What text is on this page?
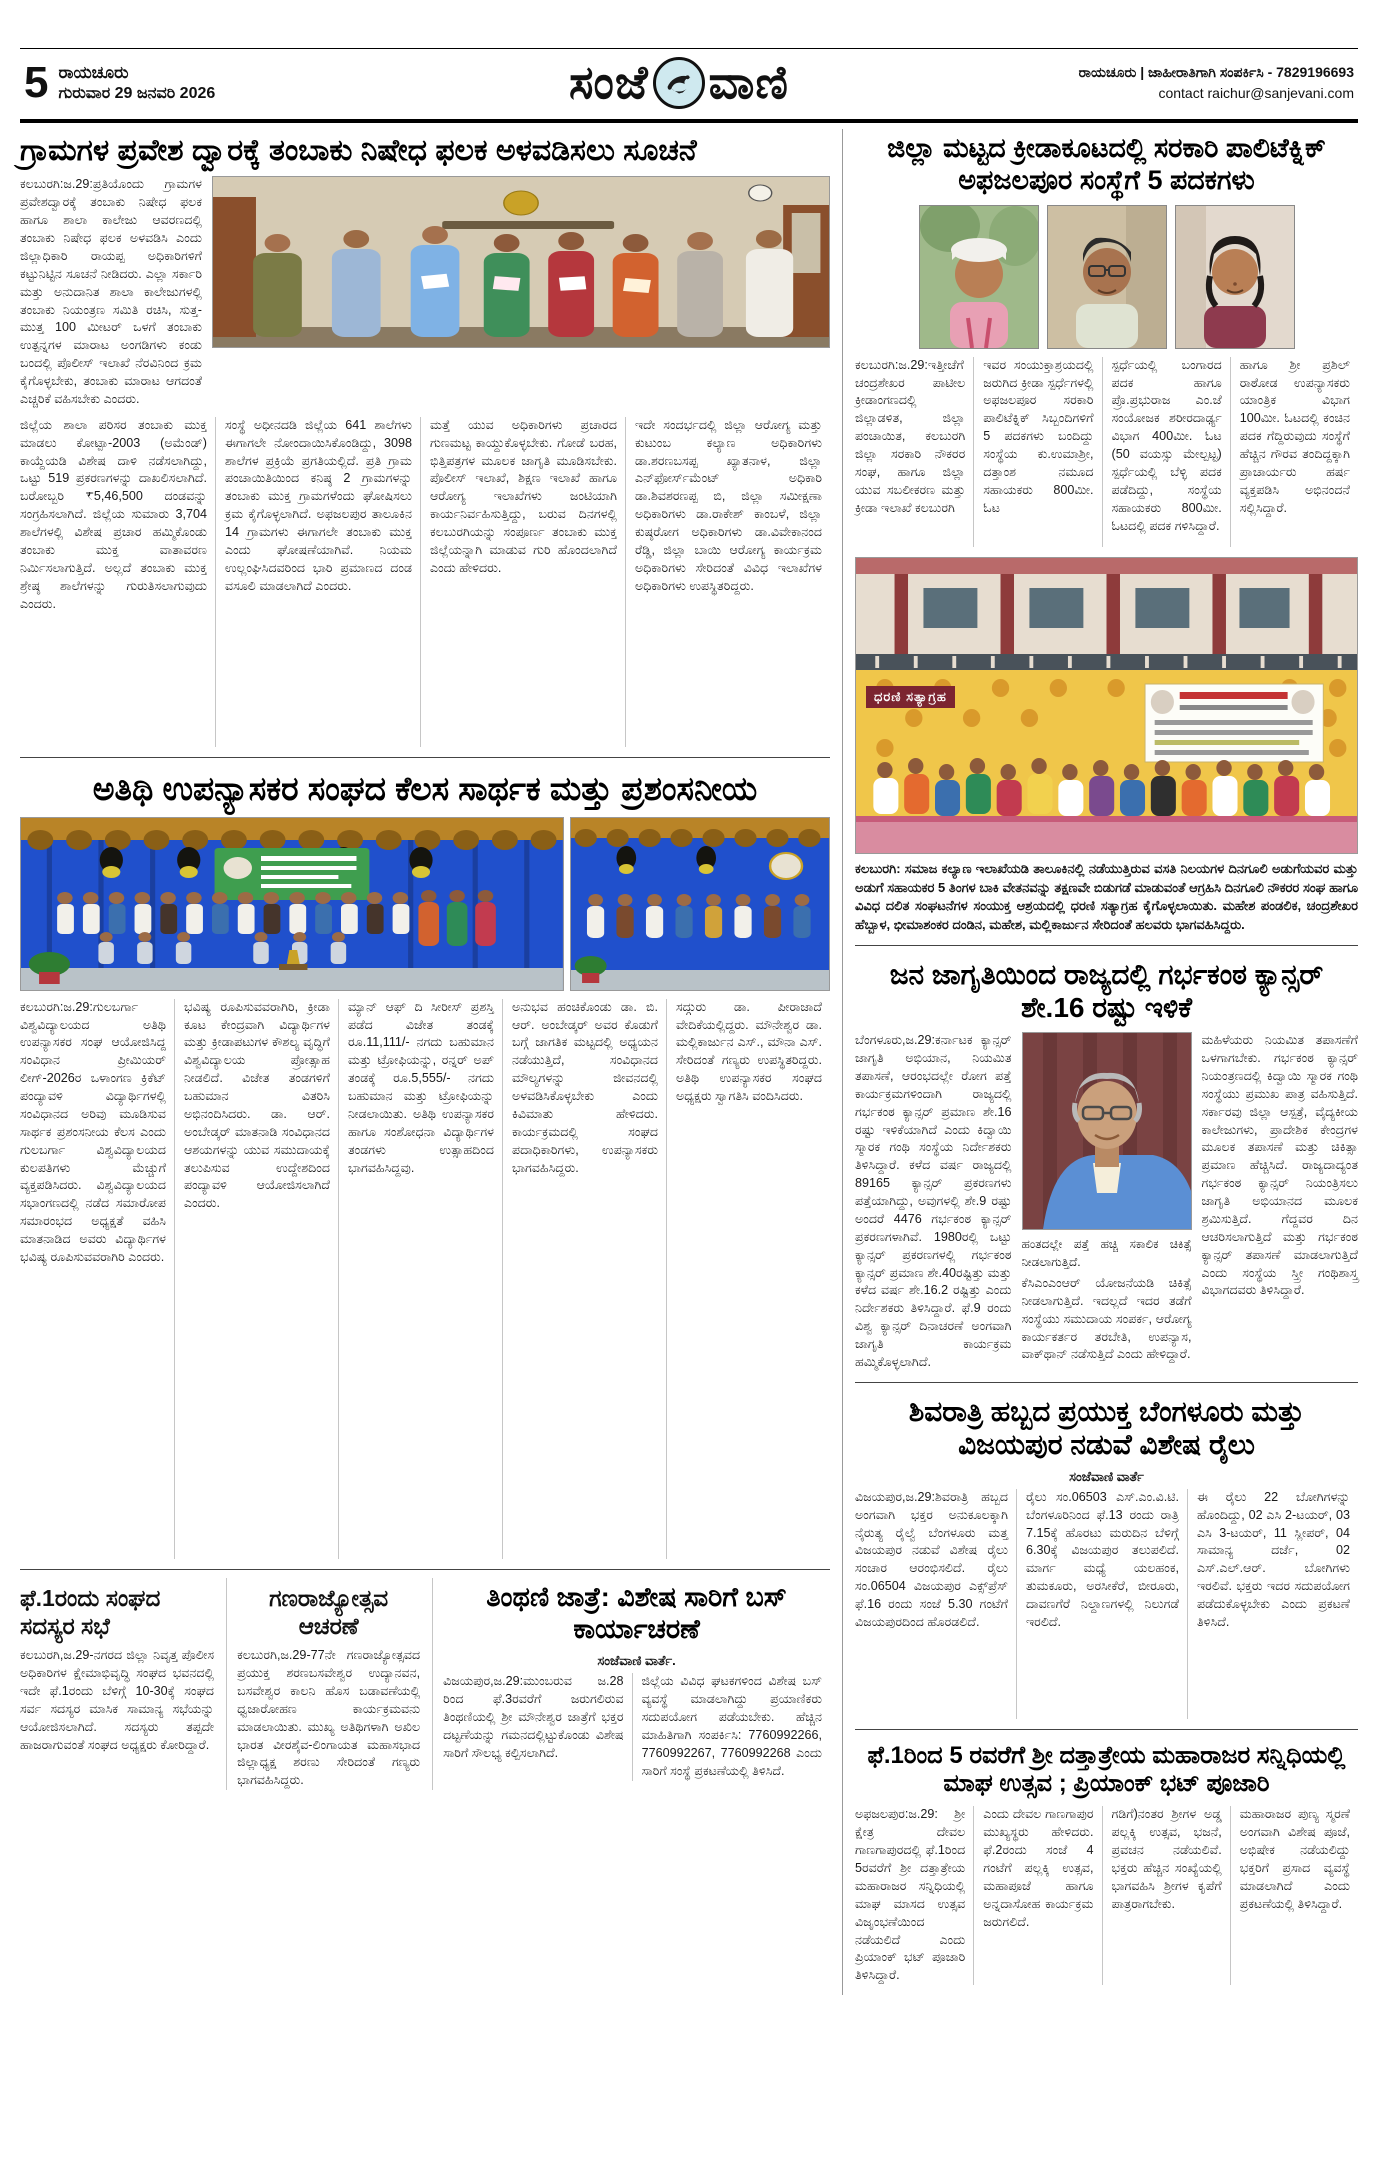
5 ರಾಯಚೂರು
ಗುರುವಾರ 29 ಜನವರಿ 2026	ಸಂಜೆ ವಾಣಿ	ರಾಯಚೂರು | ಜಾಹೀರಾತಿಗಾಗಿ ಸಂಪರ್ಕಿಸಿ - 7829196693
contact raichur@sanjevani.com
ಗ್ರಾಮಗಳ ಪ್ರವೇಶ ದ್ವಾರಕ್ಕೆ ತಂಬಾಕು ನಿಷೇಧ ಫಲಕ ಅಳವಡಿಸಲು ಸೂಚನೆ
ಕಲಬುರಗಿ:ಜ.29:ಪ್ರತಿಯೊಂದು ಗ್ರಾಮಗಳ ಪ್ರವೇಶದ್ವಾರಕ್ಕೆ ತಂಬಾಕು ನಿಷೇಧ ಫಲಕ ಹಾಗೂ ಶಾಲಾ ಕಾಲೇಜು ಆವರಣದಲ್ಲಿ ತಂಬಾಕು ನಿಷೇಧ ಫಲಕ ಅಳವಡಿಸಿ ಎಂದು ಜಿಲ್ಲಾಧಿಕಾರಿ ರಾಯಪ್ಪ ಅಧಿಕಾರಿಗಳಿಗೆ ಕಟ್ಟುನಿಟ್ಟಿನ ಸೂಚನೆ ನೀಡಿದರು. ಎಲ್ಲಾ ಸರ್ಕಾರಿ ಮತ್ತು ಅನುದಾನಿತ ಶಾಲಾ ಕಾಲೇಜುಗಳಲ್ಲಿ ತಂಬಾಕು ನಿಯಂತ್ರಣ ಸಮಿತಿ ರಚಿಸಿ, ಸುತ್ತ-ಮುತ್ತ 100 ಮೀಟರ್ ಒಳಗೆ ತಂಬಾಕು ಉತ್ಪನ್ನಗಳ ಮಾರಾಟ ಅಂಗಡಿಗಳು ಕಂಡು ಬಂದಲ್ಲಿ ಪೊಲೀಸ್ ಇಲಾಖೆ ನೆರವಿನಿಂದ ಕ್ರಮ ಕೈಗೊಳ್ಳಬೇಕು, ತಂಬಾಕು ಮಾರಾಟ ಆಗದಂತೆ ಎಚ್ಚರಿಕೆ ವಹಿಸಬೇಕು ಎಂದರು.
ಜಿಲ್ಲೆಯ ಶಾಲಾ ಪರಿಸರ ತಂಬಾಕು ಮುಕ್ತ ಮಾಡಲು ಕೋಟ್ಪಾ-2003 (ಅಮೆಂಡ್) ಕಾಯ್ದೆಯಡಿ ವಿಶೇಷ ದಾಳಿ ನಡೆಸಲಾಗಿದ್ದು, ಒಟ್ಟು 519 ಪ್ರಕರಣಗಳನ್ನು ದಾಖಲಿಸಲಾಗಿದೆ. ಬರೋಬ್ಬರಿ ₹5,46,500 ದಂಡವನ್ನು ಸಂಗ್ರಹಿಸಲಾಗಿದೆ. ಜಿಲ್ಲೆಯ ಸುಮಾರು 3,704 ಶಾಲೆಗಳಲ್ಲಿ ವಿಶೇಷ ಪ್ರಚಾರ ಹಮ್ಮಿಕೊಂಡು ತಂಬಾಕು ಮುಕ್ತ ವಾತಾವರಣ ನಿರ್ಮಿಸಲಾಗುತ್ತಿದೆ. ಅಲ್ಲದೆ ತಂಬಾಕು ಮುಕ್ತ ಶ್ರೇಷ್ಠ ಶಾಲೆಗಳನ್ನು ಗುರುತಿಸಲಾಗುವುದು ಎಂದರು.
ಸಂಸ್ಥೆ ಅಧೀನದಡಿ ಜಿಲ್ಲೆಯ 641 ಶಾಲೆಗಳು ಈಗಾಗಲೇ ನೋಂದಾಯಿಸಿಕೊಂಡಿದ್ದು, 3098 ಶಾಲೆಗಳ ಪ್ರಕ್ರಿಯೆ ಪ್ರಗತಿಯಲ್ಲಿದೆ. ಪ್ರತಿ ಗ್ರಾಮ ಪಂಚಾಯಿತಿಯಿಂದ ಕನಿಷ್ಠ 2 ಗ್ರಾಮಗಳನ್ನು ತಂಬಾಕು ಮುಕ್ತ ಗ್ರಾಮಗಳೆಂದು ಘೋಷಿಸಲು ಕ್ರಮ ಕೈಗೊಳ್ಳಲಾಗಿದೆ. ಅಫಜಲಪುರ ತಾಲೂಕಿನ 14 ಗ್ರಾಮಗಳು ಈಗಾಗಲೇ ತಂಬಾಕು ಮುಕ್ತ ಎಂದು ಘೋಷಣೆಯಾಗಿವೆ. ನಿಯಮ ಉಲ್ಲಂಘಿಸಿದವರಿಂದ ಭಾರಿ ಪ್ರಮಾಣದ ದಂಡ ವಸೂಲಿ ಮಾಡಲಾಗಿದೆ ಎಂದರು.
ಮತ್ತೆ ಯುವ ಅಧಿಕಾರಿಗಳು ಪ್ರಚಾರದ ಗುಣಮಟ್ಟ ಕಾಯ್ದುಕೊಳ್ಳಬೇಕು. ಗೋಡೆ ಬರಹ, ಭಿತ್ತಿಪತ್ರಗಳ ಮೂಲಕ ಜಾಗೃತಿ ಮೂಡಿಸಬೇಕು. ಪೊಲೀಸ್ ಇಲಾಖೆ, ಶಿಕ್ಷಣ ಇಲಾಖೆ ಹಾಗೂ ಆರೋಗ್ಯ ಇಲಾಖೆಗಳು ಜಂಟಿಯಾಗಿ ಕಾರ್ಯನಿರ್ವಹಿಸುತ್ತಿದ್ದು, ಬರುವ ದಿನಗಳಲ್ಲಿ ಕಲಬುರಗಿಯನ್ನು ಸಂಪೂರ್ಣ ತಂಬಾಕು ಮುಕ್ತ ಜಿಲ್ಲೆಯನ್ನಾಗಿ ಮಾಡುವ ಗುರಿ ಹೊಂದಲಾಗಿದೆ ಎಂದು ಹೇಳಿದರು.
ಇದೇ ಸಂದರ್ಭದಲ್ಲಿ ಜಿಲ್ಲಾ ಆರೋಗ್ಯ ಮತ್ತು ಕುಟುಂಬ ಕಲ್ಯಾಣ ಅಧಿಕಾರಿಗಳು ಡಾ.ಶರಣಬಸಪ್ಪ ಖ್ಯಾತನಾಳ, ಜಿಲ್ಲಾ ಎನ್‌ಫೋರ್ಸ್‌ಮೆಂಟ್ ಅಧಿಕಾರಿ ಡಾ.ಶಿವಶರಣಪ್ಪ ಬಿ, ಜಿಲ್ಲಾ ಸಮೀಕ್ಷಣಾ ಅಧಿಕಾರಿಗಳು ಡಾ.ರಾಕೇಶ್ ಕಾಂಬಳೆ, ಜಿಲ್ಲಾ ಕುಷ್ಠರೋಗ ಅಧಿಕಾರಿಗಳು ಡಾ.ವಿವೇಕಾನಂದ ರೆಡ್ಡಿ, ಜಿಲ್ಲಾ ಬಾಯಿ ಆರೋಗ್ಯ ಕಾರ್ಯಕ್ರಮ ಅಧಿಕಾರಿಗಳು ಸೇರಿದಂತೆ ವಿವಿಧ ಇಲಾಖೆಗಳ ಅಧಿಕಾರಿಗಳು ಉಪಸ್ಥಿತರಿದ್ದರು.
ಅತಿಥಿ ಉಪನ್ಯಾಸಕರ ಸಂಘದ ಕೆಲಸ ಸಾರ್ಥಕ ಮತ್ತು ಪ್ರಶಂಸನೀಯ
ಕಲಬುರಗಿ:ಜ.29:ಗುಲಬರ್ಗಾ ವಿಶ್ವವಿದ್ಯಾಲಯದ ಅತಿಥಿ ಉಪನ್ಯಾಸಕರ ಸಂಘ ಆಯೋಜಿಸಿದ್ದ ಸಂವಿಧಾನ ಪ್ರೀಮಿಯರ್ ಲೀಗ್-2026ರ ಒಳಾಂಗಣ ಕ್ರಿಕೆಟ್ ಪಂದ್ಯಾವಳಿ ವಿದ್ಯಾರ್ಥಿಗಳಲ್ಲಿ ಸಂವಿಧಾನದ ಅರಿವು ಮೂಡಿಸುವ ಸಾರ್ಥಕ ಪ್ರಶಂಸನೀಯ ಕೆಲಸ ಎಂದು ಗುಲಬರ್ಗಾ ವಿಶ್ವವಿದ್ಯಾಲಯದ ಕುಲಪತಿಗಳು ಮೆಚ್ಚುಗೆ ವ್ಯಕ್ತಪಡಿಸಿದರು. ವಿಶ್ವವಿದ್ಯಾಲಯದ ಸಭಾಂಗಣದಲ್ಲಿ ನಡೆದ ಸಮಾರೋಪ ಸಮಾರಂಭದ ಅಧ್ಯಕ್ಷತೆ ವಹಿಸಿ ಮಾತನಾಡಿದ ಅವರು ವಿದ್ಯಾರ್ಥಿಗಳ ಭವಿಷ್ಯ ರೂಪಿಸುವವರಾಗಿರಿ ಎಂದರು.
ಭವಿಷ್ಯ ರೂಪಿಸುವವರಾಗಿರಿ, ಕ್ರೀಡಾ ಕೂಟ ಕೇಂದ್ರವಾಗಿ ವಿದ್ಯಾರ್ಥಿಗಳ ಮತ್ತು ಕ್ರೀಡಾಪಟುಗಳ ಕೌಶಲ್ಯ ವೃದ್ಧಿಗೆ ವಿಶ್ವವಿದ್ಯಾಲಯ ಪ್ರೋತ್ಸಾಹ ನೀಡಲಿದೆ. ವಿಜೇತ ತಂಡಗಳಿಗೆ ಬಹುಮಾನ ವಿತರಿಸಿ ಅಭಿನಂದಿಸಿದರು. ಡಾ. ಆರ್. ಅಂಬೇಡ್ಕರ್ ಮಾತನಾಡಿ ಸಂವಿಧಾನದ ಆಶಯಗಳನ್ನು ಯುವ ಸಮುದಾಯಕ್ಕೆ ತಲುಪಿಸುವ ಉದ್ದೇಶದಿಂದ ಪಂದ್ಯಾವಳಿ ಆಯೋಜಿಸಲಾಗಿದೆ ಎಂದರು.
ಮ್ಯಾನ್ ಆಫ್ ದಿ ಸೀರೀಸ್ ಪ್ರಶಸ್ತಿ ಪಡೆದ ವಿಜೇತ ತಂಡಕ್ಕೆ ರೂ.11,111/- ನಗದು ಬಹುಮಾನ ಮತ್ತು ಟ್ರೋಫಿಯನ್ನು, ರನ್ನರ್ ಅಪ್ ತಂಡಕ್ಕೆ ರೂ.5,555/- ನಗದು ಬಹುಮಾನ ಮತ್ತು ಟ್ರೋಫಿಯನ್ನು ನೀಡಲಾಯಿತು. ಅತಿಥಿ ಉಪನ್ಯಾಸಕರ ಹಾಗೂ ಸಂಶೋಧನಾ ವಿದ್ಯಾರ್ಥಿಗಳ ತಂಡಗಳು ಉತ್ಸಾಹದಿಂದ ಭಾಗವಹಿಸಿದ್ದವು.
ಅನುಭವ ಹಂಚಿಕೊಂಡು ಡಾ. ಬಿ. ಆರ್. ಅಂಬೇಡ್ಕರ್ ಅವರ ಕೊಡುಗೆ ಬಗ್ಗೆ ಜಾಗತಿಕ ಮಟ್ಟದಲ್ಲಿ ಅಧ್ಯಯನ ನಡೆಯುತ್ತಿದೆ, ಸಂವಿಧಾನದ ಮೌಲ್ಯಗಳನ್ನು ಜೀವನದಲ್ಲಿ ಅಳವಡಿಸಿಕೊಳ್ಳಬೇಕು ಎಂದು ಕಿವಿಮಾತು ಹೇಳಿದರು. ಕಾರ್ಯಕ್ರಮದಲ್ಲಿ ಸಂಘದ ಪದಾಧಿಕಾರಿಗಳು, ಉಪನ್ಯಾಸಕರು ಭಾಗವಹಿಸಿದ್ದರು.
ಸದ್ಗುರು ಡಾ. ಪೀರಾಜಾದೆ ವೇದಿಕೆಯಲ್ಲಿದ್ದರು. ಮೌನೇಶ್ವರ ಡಾ. ಮಲ್ಲಿಕಾರ್ಜುನ ಎಸ್., ಮೌನಾ ಎಸ್. ಸೇರಿದಂತೆ ಗಣ್ಯರು ಉಪಸ್ಥಿತರಿದ್ದರು. ಅತಿಥಿ ಉಪನ್ಯಾಸಕರ ಸಂಘದ ಅಧ್ಯಕ್ಷರು ಸ್ವಾಗತಿಸಿ ವಂದಿಸಿದರು.
ಫೆ.1ರಂದು ಸಂಘದ ಸದಸ್ಯರ ಸಭೆ
ಕಲಬುರಗಿ,ಜ.29-ನಗರದ ಜಿಲ್ಲಾ ನಿವೃತ್ತ ಪೊಲೀಸ ಅಧಿಕಾರಿಗಳ ಕ್ಷೇಮಾಭಿವೃದ್ಧಿ ಸಂಘದ ಭವನದಲ್ಲಿ ಇದೇ ಫೆ.1ರಂದು ಬೆಳಿಗ್ಗೆ 10-30ಕ್ಕೆ ಸಂಘದ ಸರ್ವ ಸದಸ್ಯರ ಮಾಸಿಕ ಸಾಮಾನ್ಯ ಸಭೆಯನ್ನು ಆಯೋಜಿಸಲಾಗಿದೆ. ಸದಸ್ಯರು ತಪ್ಪದೇ ಹಾಜರಾಗುವಂತೆ ಸಂಘದ ಅಧ್ಯಕ್ಷರು ಕೋರಿದ್ದಾರೆ.
ಗಣರಾಜ್ಯೋತ್ಸವ ಆಚರಣೆ
ಕಲಬುರಗಿ,ಜ.29-77ನೇ ಗಣರಾಜ್ಯೋತ್ಸವದ ಪ್ರಯುಕ್ತ ಶರಣಬಸವೇಶ್ವರ ಉದ್ಯಾನವನ, ಬಸವೇಶ್ವರ ಕಾಲನಿ ಹೊಸ ಬಡಾವಣೆಯಲ್ಲಿ ಧ್ವಜಾರೋಹಣ ಕಾರ್ಯಕ್ರಮವನು ಮಾಡಲಾಯಿತು. ಮುಖ್ಯ ಅತಿಥಿಗಳಾಗಿ ಅಖಿಲ ಭಾರತ ವೀರಶೈವ-ಲಿಂಗಾಯತ ಮಹಾಸಭಾದ ಜಿಲ್ಲಾಧ್ಯಕ್ಷ ಶರಣು ಸೇರಿದಂತೆ ಗಣ್ಯರು ಭಾಗವಹಿಸಿದ್ದರು.
ತಿಂಥಣಿ ಜಾತ್ರೆ: ವಿಶೇಷ ಸಾರಿಗೆ ಬಸ್ ಕಾರ್ಯಾಚರಣೆ
ಸಂಜೆವಾಣಿ ವಾರ್ತೆ.
ವಿಜಯಪುರ,ಜ.29:ಮುಂಬರುವ ಜ.28 ರಿಂದ ಫೆ.3ರವರೆಗೆ ಜರುಗಲಿರುವ ತಿಂಥಣಿಯಲ್ಲಿ ಶ್ರೀ ಮೌನೇಶ್ವರ ಜಾತ್ರೆಗೆ ಭಕ್ತರ ದಟ್ಟಣೆಯನ್ನು ಗಮನದಲ್ಲಿಟ್ಟುಕೊಂಡು ವಿಶೇಷ ಸಾರಿಗೆ ಸೌಲಭ್ಯ ಕಲ್ಪಿಸಲಾಗಿದೆ.
ಜಿಲ್ಲೆಯ ವಿವಿಧ ಘಟಕಗಳಿಂದ ವಿಶೇಷ ಬಸ್ ವ್ಯವಸ್ಥೆ ಮಾಡಲಾಗಿದ್ದು ಪ್ರಯಾಣಿಕರು ಸದುಪಯೋಗ ಪಡೆಯಬೇಕು. ಹೆಚ್ಚಿನ ಮಾಹಿತಿಗಾಗಿ ಸಂಪರ್ಕಿಸಿ: 7760992266, 7760992267, 7760992268 ಎಂದು ಸಾರಿಗೆ ಸಂಸ್ಥೆ ಪ್ರಕಟಣೆಯಲ್ಲಿ ತಿಳಿಸಿದೆ.
ಜಿಲ್ಲಾ ಮಟ್ಟದ ಕ್ರೀಡಾಕೂಟದಲ್ಲಿ ಸರಕಾರಿ ಪಾಲಿಟೆಕ್ನಿಕ್ ಅಫಜಲಪೂರ ಸಂಸ್ಥೆಗೆ 5 ಪದಕಗಳು
ಕಲಬುರಗಿ:ಜ.29:ಇತ್ತೀಚೆಗೆ ಚಂದ್ರಶೇಖರ ಪಾಟೀಲ ಕ್ರೀಡಾಂಗಣದಲ್ಲಿ ಜಿಲ್ಲಾಡಳಿತ, ಜಿಲ್ಲಾ ಪಂಚಾಯಿತ, ಕಲಬುರಗಿ ಜಿಲ್ಲಾ ಸರಕಾರಿ ನೌಕರರ ಸಂಘ, ಹಾಗೂ ಜಿಲ್ಲಾ ಯುವ ಸಬಲೀಕರಣ ಮತ್ತು ಕ್ರೀಡಾ ಇಲಾಖೆ ಕಲಬುರಗಿ
ಇವರ ಸಂಯುಕ್ತಾಶ್ರಯದಲ್ಲಿ ಜರುಗಿದ ಕ್ರೀಡಾ ಸ್ಪರ್ಧೆಗಳಲ್ಲಿ ಅಫಜಲಪೂರ ಸರಕಾರಿ ಪಾಲಿಟೆಕ್ನಿಕ್ ಸಿಬ್ಬಂದಿಗಳಿಗೆ 5 ಪದಕಗಳು ಬಂದಿದ್ದು ಸಂಸ್ಥೆಯ ಕು.ಉಮಾಶ್ರೀ, ದತ್ತಾಂಶ ನಮೂದ ಸಹಾಯಕರು 800ಮೀ. ಓಟ
ಸ್ಪರ್ಧೆಯಲ್ಲಿ ಬಂಗಾರದ ಪದಕ ಹಾಗೂ ಪ್ರೊ.ಪ್ರಭುರಾಜ ಎಂ.ಜೆ ಸಂಯೋಜಕ ಶರೀರದಾರ್ಢ್ಯ ವಿಭಾಗ 400ಮೀ. ಓಟ (50 ವಯಸ್ಸು ಮೇಲ್ಪಟ್ಟ) ಸ್ಪರ್ಧೆಯಲ್ಲಿ ಬೆಳ್ಳಿ ಪದಕ ಪಡೆದಿದ್ದು, ಸಂಸ್ಥೆಯ ಸಹಾಯಕರು 800ಮೀ. ಓಟದಲ್ಲಿ ಪದಕ ಗಳಿಸಿದ್ದಾರೆ.
ಹಾಗೂ ಶ್ರೀ ಪ್ರಶಿಲ್ ರಾಠೋಡ ಉಪನ್ಯಾಸಕರು ಯಾಂತ್ರಿಕ ವಿಭಾಗ 100ಮೀ. ಓಟದಲ್ಲಿ ಕಂಚಿನ ಪದಕ ಗೆದ್ದಿರುವುದು ಸಂಸ್ಥೆಗೆ ಹೆಚ್ಚಿನ ಗೌರವ ತಂದಿದ್ದಕ್ಕಾಗಿ ಪ್ರಾಚಾರ್ಯರು ಹರ್ಷ ವ್ಯಕ್ತಪಡಿಸಿ ಅಭಿನಂದನೆ ಸಲ್ಲಿಸಿದ್ದಾರೆ.
ಧರಣಿ ಸತ್ಯಾಗ್ರಹ
ಕಲಬುರಗಿ: ಸಮಾಜ ಕಲ್ಯಾಣ ಇಲಾಖೆಯಡಿ ತಾಲೂಕಿನಲ್ಲಿ ನಡೆಯುತ್ತಿರುವ ವಸತಿ ನಿಲಯಗಳ ದಿನಗೂಲಿ ಅಡುಗೆಯವರ ಮತ್ತು ಅಡುಗೆ ಸಹಾಯಕರ 5 ತಿಂಗಳ ಬಾಕಿ ವೇತನವನ್ನು ತಕ್ಷಣವೇ ಬಿಡುಗಡೆ ಮಾಡುವಂತೆ ಆಗ್ರಹಿಸಿ ದಿನಗೂಲಿ ನೌಕರರ ಸಂಘ ಹಾಗೂ ವಿವಿಧ ದಲಿತ ಸಂಘಟನೆಗಳ ಸಂಯುಕ್ತ ಆಶ್ರಯದಲ್ಲಿ ಧರಣಿ ಸತ್ಯಾಗ್ರಹ ಕೈಗೊಳ್ಳಲಾಯಿತು. ಮಹೇಶ ಪಂಡಲಿಕ, ಚಂದ್ರಶೇಖರ ಹೆಬ್ಬಾಳ, ಭೀಮಾಶಂಕರ ದಂಡಿನ, ಮಹೇಶ, ಮಲ್ಲಿಕಾರ್ಜುನ ಸೇರಿದಂತೆ ಹಲವರು ಭಾಗವಹಿಸಿದ್ದರು.
ಜನ ಜಾಗೃತಿಯಿಂದ ರಾಜ್ಯದಲ್ಲಿ ಗರ್ಭಕಂಠ ಕ್ಯಾನ್ಸರ್ ಶೇ.16 ರಷ್ಟು ಇಳಿಕೆ
ಬೆಂಗಳೂರು,ಜ.29:ಕರ್ನಾಟಕ ಕ್ಯಾನ್ಸರ್ ಜಾಗೃತಿ ಅಭಿಯಾನ, ನಿಯಮಿತ ತಪಾಸಣೆ, ಆರಂಭದಲ್ಲೇ ರೋಗ ಪತ್ತೆ ಕಾರ್ಯಕ್ರಮಗಳಿಂದಾಗಿ ರಾಜ್ಯದಲ್ಲಿ ಗರ್ಭಕಂಠ ಕ್ಯಾನ್ಸರ್ ಪ್ರಮಾಣ ಶೇ.16 ರಷ್ಟು ಇಳಿಕೆಯಾಗಿದೆ ಎಂದು ಕಿದ್ವಾಯಿ ಸ್ಮಾರಕ ಗಂಥಿ ಸಂಸ್ಥೆಯ ನಿರ್ದೇಶಕರು ತಿಳಿಸಿದ್ದಾರೆ. ಕಳೆದ ವರ್ಷ ರಾಜ್ಯದಲ್ಲಿ 89165 ಕ್ಯಾನ್ಸರ್ ಪ್ರಕರಣಗಳು ಪತ್ತೆಯಾಗಿದ್ದು, ಅವುಗಳಲ್ಲಿ ಶೇ.9 ರಷ್ಟು ಅಂದರೆ 4476 ಗರ್ಭಕಂಠ ಕ್ಯಾನ್ಸರ್ ಪ್ರಕರಣಗಳಾಗಿವೆ. 1980ರಲ್ಲಿ ಒಟ್ಟು ಕ್ಯಾನ್ಸರ್ ಪ್ರಕರಣಗಳಲ್ಲಿ ಗರ್ಭಕಂಠ ಕ್ಯಾನ್ಸರ್ ಪ್ರಮಾಣ ಶೇ.40ರಷ್ಟಿತ್ತು ಮತ್ತು ಕಳೆದ ವರ್ಷ ಶೇ.16.2 ರಷ್ಟಿತ್ತು ಎಂದು ನಿರ್ದೇಶಕರು ತಿಳಿಸಿದ್ದಾರೆ. ಫೆ.9 ರಂದು ವಿಶ್ವ ಕ್ಯಾನ್ಸರ್ ದಿನಾಚರಣೆ ಅಂಗವಾಗಿ ಜಾಗೃತಿ ಕಾರ್ಯಕ್ರಮ ಹಮ್ಮಿಕೊಳ್ಳಲಾಗಿದೆ.
ಹಂತದಲ್ಲೇ ಪತ್ತೆ ಹಚ್ಚಿ ಸಕಾಲಿಕ ಚಿಕಿತ್ಸೆ ನೀಡಲಾಗುತ್ತಿದೆ.
ಕೆಸಿಎಂಎಂಆರ್ ಯೋಜನೆಯಡಿ ಚಿಕಿತ್ಸೆ ನೀಡಲಾಗುತ್ತಿದೆ. ಇದಲ್ಲದೆ ಇದರ ತಡೆಗೆ ಸಂಸ್ಥೆಯು ಸಮುದಾಯ ಸಂಪರ್ಕ, ಆರೋಗ್ಯ ಕಾರ್ಯಕರ್ತರ ತರಬೇತಿ, ಉಪನ್ಯಾಸ, ವಾಕ್‌ಥಾನ್ ನಡೆಸುತ್ತಿದೆ ಎಂದು ಹೇಳಿದ್ದಾರೆ.
ಮಹಿಳೆಯರು ನಿಯಮಿತ ತಪಾಸಣೆಗೆ ಒಳಗಾಗಬೇಕು. ಗರ್ಭಕಂಠ ಕ್ಯಾನ್ಸರ್ ನಿಯಂತ್ರಣದಲ್ಲಿ ಕಿದ್ವಾಯಿ ಸ್ಮಾರಕ ಗಂಥಿ ಸಂಸ್ಥೆಯು ಪ್ರಮುಖ ಪಾತ್ರ ವಹಿಸುತ್ತಿದೆ. ಸರ್ಕಾರವು ಜಿಲ್ಲಾ ಆಸ್ಪತ್ರೆ, ವೈದ್ಯಕೀಯ ಕಾಲೇಜುಗಳು, ಪ್ರಾದೇಶಿಕ ಕೇಂದ್ರಗಳ ಮೂಲಕ ತಪಾಸಣೆ ಮತ್ತು ಚಿಕಿತ್ಸಾ ಪ್ರಮಾಣ ಹೆಚ್ಚಿಸಿದೆ. ರಾಜ್ಯದಾದ್ಯಂತ ಗರ್ಭಕಂಠ ಕ್ಯಾನ್ಸರ್ ನಿಯಂತ್ರಿಸಲು ಜಾಗೃತಿ ಅಭಿಯಾನದ ಮೂಲಕ ಶ್ರಮಿಸುತ್ತಿದೆ. ಗೆದ್ದವರ ದಿನ ಆಚರಿಸಲಾಗುತ್ತಿದೆ ಮತ್ತು ಗರ್ಭಕಂಠ ಕ್ಯಾನ್ಸರ್ ತಪಾಸಣೆ ಮಾಡಲಾಗುತ್ತಿದೆ ಎಂದು ಸಂಸ್ಥೆಯ ಸ್ತ್ರೀ ಗಂಥಿಶಾಸ್ತ್ರ ವಿಭಾಗದವರು ತಿಳಿಸಿದ್ದಾರೆ.
ಶಿವರಾತ್ರಿ ಹಬ್ಬದ ಪ್ರಯುಕ್ತ ಬೆಂಗಳೂರು ಮತ್ತು ವಿಜಯಪುರ ನಡುವೆ ವಿಶೇಷ ರೈಲು
ಸಂಜೆವಾಣಿ ವಾರ್ತೆ
ವಿಜಯಪುರ,ಜ.29:ಶಿವರಾತ್ರಿ ಹಬ್ಬದ ಅಂಗವಾಗಿ ಭಕ್ತರ ಅನುಕೂಲಕ್ಕಾಗಿ ನೈರುತ್ಯ ರೈಲ್ವೆ ಬೆಂಗಳೂರು ಮತ್ತ ವಿಜಯಪುರ ನಡುವೆ ವಿಶೇಷ ರೈಲು ಸಂಚಾರ ಆರಂಭಿಸಲಿದೆ. ರೈಲು ಸಂ.06504 ವಿಜಯಪುರ ಎಕ್ಸ್‌ಪ್ರೆಸ್ ಫೆ.16 ರಂದು ಸಂಜೆ 5.30 ಗಂಟೆಗೆ ವಿಜಯಪುರದಿಂದ ಹೊರಡಲಿದೆ.
ರೈಲು ಸಂ.06503 ಎಸ್.ಎಂ.ವಿ.ಟಿ. ಬೆಂಗಳೂರಿನಿಂದ ಫೆ.13 ರಂದು ರಾತ್ರಿ 7.15ಕ್ಕೆ ಹೊರಟು ಮರುದಿನ ಬೆಳಿಗ್ಗೆ 6.30ಕ್ಕೆ ವಿಜಯಪುರ ತಲುಪಲಿದೆ. ಮಾರ್ಗ ಮಧ್ಯೆ ಯಲಹಂಕ, ತುಮಕೂರು, ಅರಸೀಕೆರೆ, ಬೀರೂರು, ದಾವಣಗೆರೆ ನಿಲ್ದಾಣಗಳಲ್ಲಿ ನಿಲುಗಡೆ ಇರಲಿದೆ.
ಈ ರೈಲು 22 ಬೋಗಿಗಳನ್ನು ಹೊಂದಿದ್ದು, 02 ಎಸಿ 2-ಟಯರ್, 03 ಎಸಿ 3-ಟಯರ್, 11 ಸ್ಲೀಪರ್, 04 ಸಾಮಾನ್ಯ ದರ್ಜೆ, 02 ಎಸ್.ಎಲ್.ಆರ್. ಬೋಗಿಗಳು ಇರಲಿವೆ. ಭಕ್ತರು ಇದರ ಸದುಪಯೋಗ ಪಡೆದುಕೊಳ್ಳಬೇಕು ಎಂದು ಪ್ರಕಟಣೆ ತಿಳಿಸಿದೆ.
ಫೆ.1ರಿಂದ 5 ರವರೆಗೆ ಶ್ರೀ ದತ್ತಾತ್ರೇಯ ಮಹಾರಾಜರ ಸನ್ನಿಧಿಯಲ್ಲಿ ಮಾಘ ಉತ್ಸವ ; ಪ್ರಿಯಾಂಕ್ ಭಟ್ ಪೂಜಾರಿ
ಅಫಜಲಪುರ:ಜ.29: ಶ್ರೀ ಕ್ಷೇತ್ರ ದೇವಲ ಗಾಣಗಾಪುರದಲ್ಲಿ ಫೆ.1ರಿಂದ 5ರವರೆಗೆ ಶ್ರೀ ದತ್ತಾತ್ರೇಯ ಮಹಾರಾಜರ ಸನ್ನಿಧಿಯಲ್ಲಿ ಮಾಘ ಮಾಸದ ಉತ್ಸವ ವಿಜೃಂಭಣೆಯಿಂದ ನಡೆಯಲಿದೆ ಎಂದು ಪ್ರಿಯಾಂಕ್ ಭಟ್ ಪೂಜಾರಿ ತಿಳಿಸಿದ್ದಾರೆ.
ಎಂದು ದೇವಲ ಗಾಣಗಾಪುರ ಮುಖ್ಯಸ್ಥರು ಹೇಳಿದರು. ಫೆ.2ರಂದು ಸಂಜೆ 4 ಗಂಟೆಗೆ ಪಲ್ಲಕ್ಕಿ ಉತ್ಸವ, ಮಹಾಪೂಜೆ ಹಾಗೂ ಅನ್ನದಾಸೋಹ ಕಾರ್ಯಕ್ರಮ ಜರುಗಲಿದೆ.
ಗಡಿಗೆ)ನಂತರ ಶ್ರೀಗಳ ಅಡ್ಡ ಪಲ್ಲಕ್ಕಿ ಉತ್ಸವ, ಭಜನೆ, ಪ್ರವಚನ ನಡೆಯಲಿವೆ. ಭಕ್ತರು ಹೆಚ್ಚಿನ ಸಂಖ್ಯೆಯಲ್ಲಿ ಭಾಗವಹಿಸಿ ಶ್ರೀಗಳ ಕೃಪೆಗೆ ಪಾತ್ರರಾಗಬೇಕು.
ಮಹಾರಾಜರ ಪುಣ್ಯ ಸ್ಮರಣೆ ಅಂಗವಾಗಿ ವಿಶೇಷ ಪೂಜೆ, ಅಭಿಷೇಕ ನಡೆಯಲಿದ್ದು ಭಕ್ತರಿಗೆ ಪ್ರಸಾದ ವ್ಯವಸ್ಥೆ ಮಾಡಲಾಗಿದೆ ಎಂದು ಪ್ರಕಟಣೆಯಲ್ಲಿ ತಿಳಿಸಿದ್ದಾರೆ.
